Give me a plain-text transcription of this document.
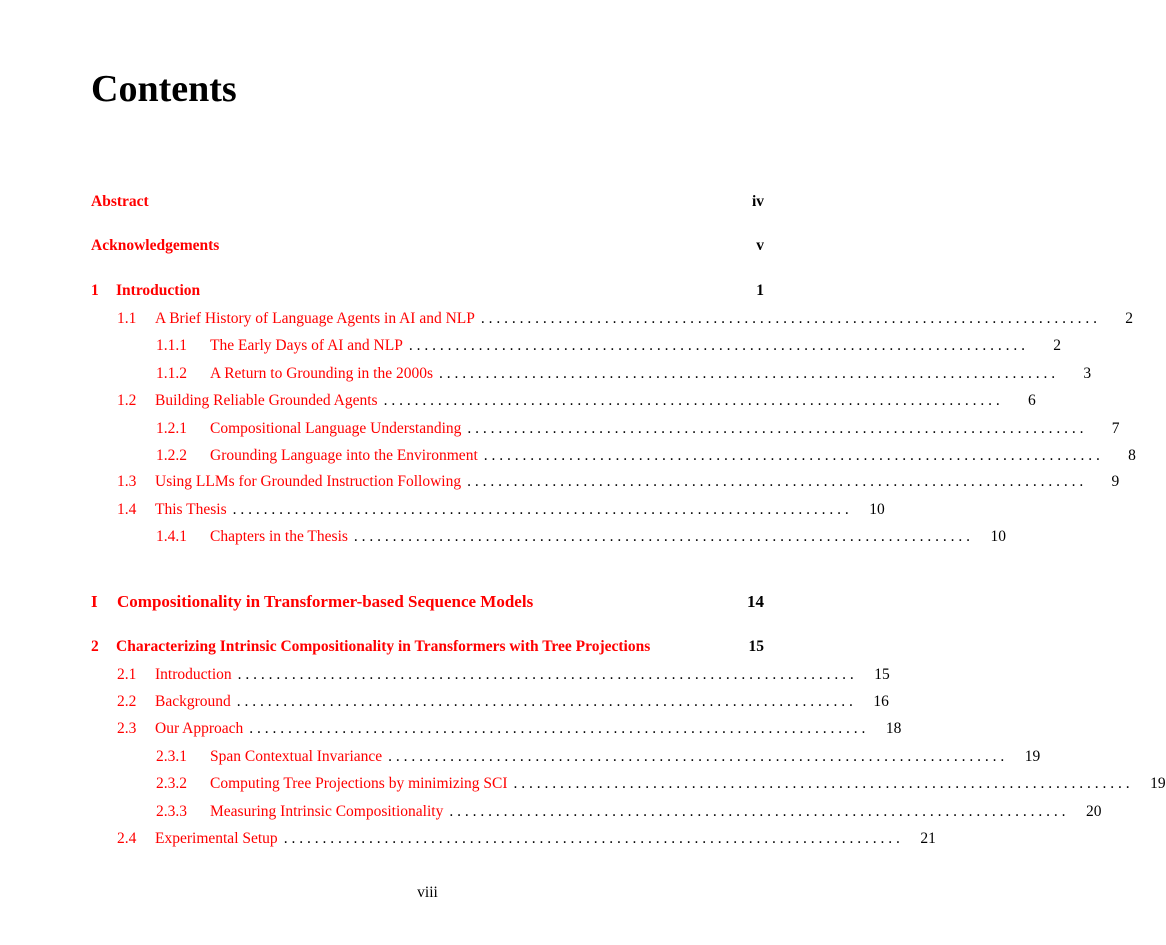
Contents
Abstract	iv
Acknowledgements	v
1	Introduction	1
1.1	A Brief History of Language Agents in AI and NLP . . . . . . . . . . . . . . . . . . . . . . . . . . . . . . . . . . . . . . . . . . . . . . . . . . . . . . . . . . . . . . . . . . . . . . . . . . . . . . . .	2
1.1.1	The Early Days of AI and NLP . . . . . . . . . . . . . . . . . . . . . . . . . . . . . . . . . . . . . . . . . . . . . . . . . . . . . . . . . . . . . . . . . . . . . . . . . . . . . . . .	2
1.1.2	A Return to Grounding in the 2000s . . . . . . . . . . . . . . . . . . . . . . . . . . . . . . . . . . . . . . . . . . . . . . . . . . . . . . . . . . . . . . . . . . . . . . . . . . . . . . . .	3
1.2	Building Reliable Grounded Agents . . . . . . . . . . . . . . . . . . . . . . . . . . . . . . . . . . . . . . . . . . . . . . . . . . . . . . . . . . . . . . . . . . . . . . . . . . . . . . . .	6
1.2.1	Compositional Language Understanding . . . . . . . . . . . . . . . . . . . . . . . . . . . . . . . . . . . . . . . . . . . . . . . . . . . . . . . . . . . . . . . . . . . . . . . . . . . . . . . .	7
1.2.2	Grounding Language into the Environment . . . . . . . . . . . . . . . . . . . . . . . . . . . . . . . . . . . . . . . . . . . . . . . . . . . . . . . . . . . . . . . . . . . . . . . . . . . . . . . .	8
1.3	Using LLMs for Grounded Instruction Following . . . . . . . . . . . . . . . . . . . . . . . . . . . . . . . . . . . . . . . . . . . . . . . . . . . . . . . . . . . . . . . . . . . . . . . . . . . . . . . .	9
1.4	This Thesis . . . . . . . . . . . . . . . . . . . . . . . . . . . . . . . . . . . . . . . . . . . . . . . . . . . . . . . . . . . . . . . . . . . . . . . . . . . . . . . . 10
1.4.1	Chapters in the Thesis . . . . . . . . . . . . . . . . . . . . . . . . . . . . . . . . . . . . . . . . . . . . . . . . . . . . . . . . . . . . . . . . . . . . . . . . . . . . . . . . 10
I	Compositionality in Transformer-based Sequence Models	14
2	Characterizing Intrinsic Compositionality in Transformers with Tree Projections	15
2.1	Introduction . . . . . . . . . . . . . . . . . . . . . . . . . . . . . . . . . . . . . . . . . . . . . . . . . . . . . . . . . . . . . . . . . . . . . . . . . . . . . . . . 15
2.2	Background . . . . . . . . . . . . . . . . . . . . . . . . . . . . . . . . . . . . . . . . . . . . . . . . . . . . . . . . . . . . . . . . . . . . . . . . . . . . . . . . 16
2.3	Our Approach . . . . . . . . . . . . . . . . . . . . . . . . . . . . . . . . . . . . . . . . . . . . . . . . . . . . . . . . . . . . . . . . . . . . . . . . . . . . . . . . 18
2.3.1	Span Contextual Invariance . . . . . . . . . . . . . . . . . . . . . . . . . . . . . . . . . . . . . . . . . . . . . . . . . . . . . . . . . . . . . . . . . . . . . . . . . . . . . . . . 19
2.3.2	Computing Tree Projections by minimizing SCI . . . . . . . . . . . . . . . . . . . . . . . . . . . . . . . . . . . . . . . . . . . . . . . . . . . . . . . . . . . . . . . . . . . . . . . . . . . . . . . . 19
2.3.3	Measuring Intrinsic Compositionality . . . . . . . . . . . . . . . . . . . . . . . . . . . . . . . . . . . . . . . . . . . . . . . . . . . . . . . . . . . . . . . . . . . . . . . . . . . . . . . . 20
2.4	Experimental Setup . . . . . . . . . . . . . . . . . . . . . . . . . . . . . . . . . . . . . . . . . . . . . . . . . . . . . . . . . . . . . . . . . . . . . . . . . . . . . . . . 21
viii
